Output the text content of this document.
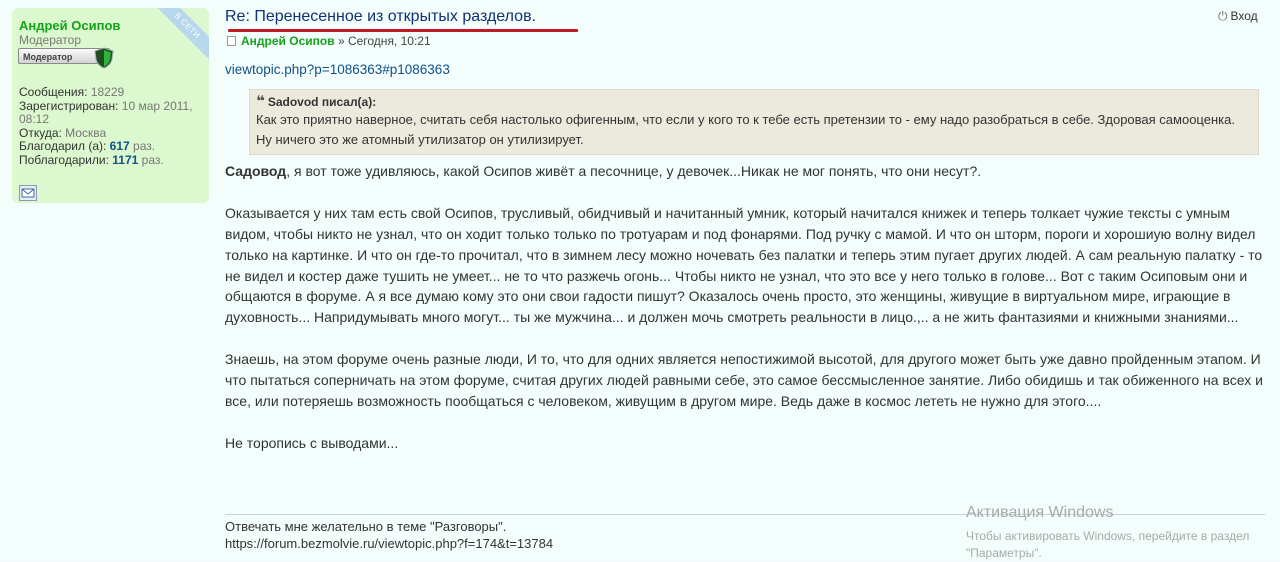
В СЕТИ
Андрей Осипов
Модератор
Модератор
Сообщения: 18229
Зарегистрирован: 10 мар 2011, 08:12
Откуда: Москва
Благодарил (а): 617 раз.
Поблагодарили: 1171 раз.
Re: Перенесенное из открытых разделов.	⏻ Вход
Андрей Осипов » Сегодня, 10:21

viewtopic.php?p=1086363#p1086363

❝ Sadovod писал(а):
Как это приятно наверное, считать себя настолько офигенным, что если у кого то к тебе есть претензии то - ему надо разобраться в себе. Здоровая самооценка. Ну ничего это же атомный утилизатор он утилизирует.

Садовод, я вот тоже удивляюсь, какой Осипов живёт а песочнице, у девочек...Никак не мог понять, что они несут?.

Оказывается у них там есть свой Осипов, трусливый, обидчивый и начитанный умник, который начитался книжек и теперь толкает чужие тексты с умным видом, чтобы никто не узнал, что он ходит только только по тротуарам и под фонарями. Под ручку с мамой. И что он шторм, пороги и хорошиую волну видел только на картинке. И что он где-то прочитал, что в зимнем лесу можно ночевать без палатки и теперь этим пугает других людей. А сам реальную палатку - то не видел и костер даже тушить не умеет... не то что разжечь огонь... Чтобы никто не узнал, что это все у него только в голове... Вот с таким Осиповым они и общаются в форуме. А я все думаю кому это они свои гадости пишут? Оказалось очень просто, это женщины, живущие в виртуальном мире, играющие в духовность... Напридумывать много могут... ты же мужчина... и должен мочь смотреть реальности в лицо.,.. а не жить фантазиями и книжными знаниями...

Знаешь, на этом форуме очень разные люди, И то, что для одних является непостижимой высотой, для другого может быть уже давно пройденным этапом. И что пытаться соперничать на этом форуме, считая других людей равными себе, это самое бессмысленное занятие. Либо обидишь и так обиженного на всех и все, или потеряешь возможность пообщаться с человеком, живущим в другом мире. Ведь даже в космос лететь не нужно для этого....

Не торопись с выводами...

Отвечать мне желательно в теме "Разговоры".
https://forum.bezmolvie.ru/viewtopic.php?f=174&t=13784
Активация Windows
Чтобы активировать Windows, перейдите в раздел
"Параметры".
